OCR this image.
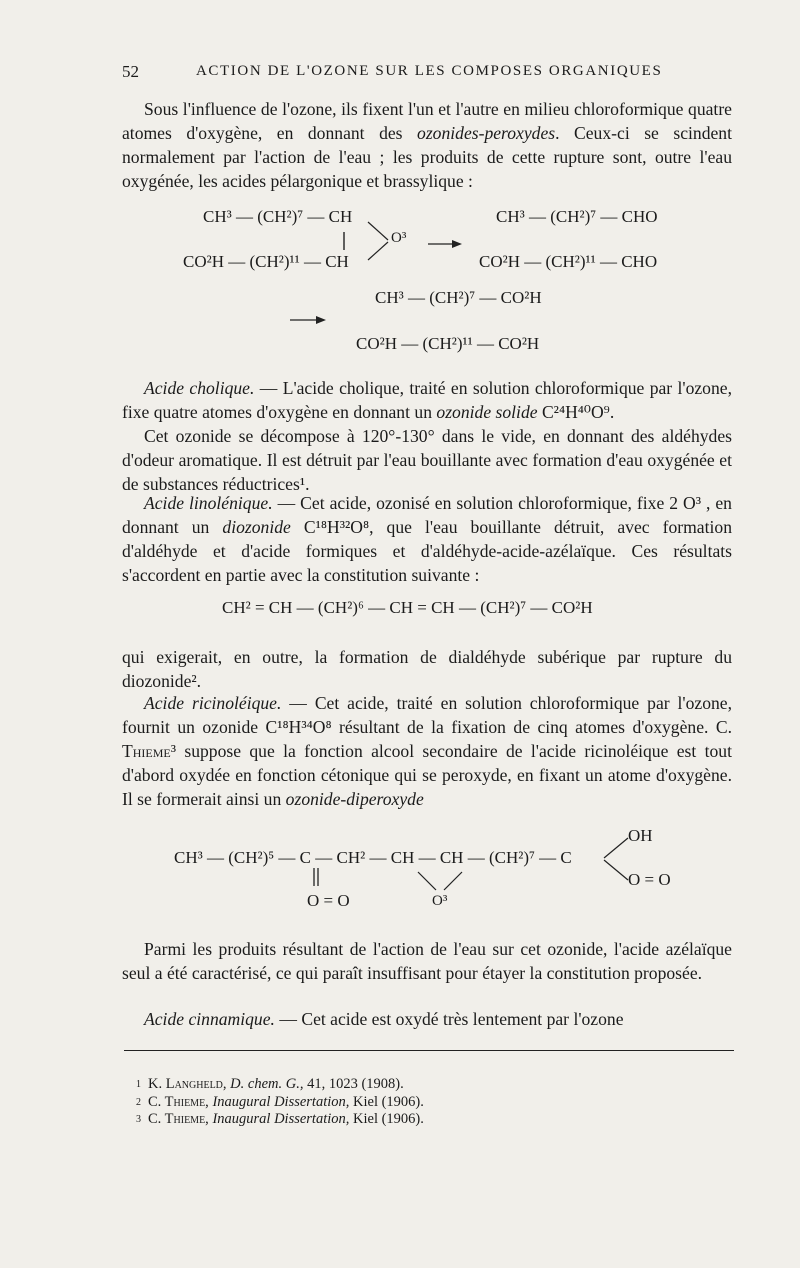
52	ACTION DE L'OZONE SUR LES COMPOSES ORGANIQUES

Sous l'influence de l'ozone, ils fixent l'un et l'autre en milieu chloroformique quatre atomes d'oxygène, en donnant des ozonides-peroxydes. Ceux-ci se scindent normalement par l'action de l'eau ; les produits de cette rupture sont, outre l'eau oxygénée, les acides pélargonique et brassylique :

CH³ — (CH²)⁷ — CH
CO²H — (CH²)¹¹ — CH
O³
CH³ — (CH²)⁷ — CHO
CO²H — (CH²)¹¹ — CHO
CH³ — (CH²)⁷ — CO²H
CO²H — (CH²)¹¹ — CO²H

Acide cholique. — L'acide cholique, traité en solution chloroformique par l'ozone, fixe quatre atomes d'oxygène en donnant un ozonide solide C²⁴H⁴⁰O⁹.

Cet ozonide se décompose à 120°-130° dans le vide, en donnant des aldéhydes d'odeur aromatique. Il est détruit par l'eau bouillante avec formation d'eau oxygénée et de substances réductrices¹.

Acide linolénique. — Cet acide, ozonisé en solution chloroformique, fixe 2 O³ , en donnant un diozonide C¹⁸H³²O⁸, que l'eau bouillante détruit, avec formation d'aldéhyde et d'acide formiques et d'aldéhyde-acide-azélaïque. Ces résultats s'accordent en partie avec la constitution suivante :

CH² = CH — (CH²)⁶ — CH = CH — (CH²)⁷ — CO²H

qui exigerait, en outre, la formation de dialdéhyde subérique par rupture du diozonide².

Acide ricinoléique. — Cet acide, traité en solution chloroformique par l'ozone, fournit un ozonide C¹⁸H³⁴O⁸ résultant de la fixation de cinq atomes d'oxygène. C. Thieme³ suppose que la fonction alcool secondaire de l'acide ricinoléique est tout d'abord oxydée en fonction cétonique qui se peroxyde, en fixant un atome d'oxygène. Il se formerait ainsi un ozonide-diperoxyde

CH³ — (CH²)⁵ — C — CH² — CH — CH — (CH²)⁷ — C
OH
O = O
O = O	O³

Parmi les produits résultant de l'action de l'eau sur cet ozonide, l'acide azélaïque seul a été caractérisé, ce qui paraît insuffisant pour étayer la constitution proposée.

Acide cinnamique. — Cet acide est oxydé très lentement par l'ozone

1 K. Langheld, D. chem. G., 41, 1023 (1908).
2 C. Thieme, Inaugural Dissertation, Kiel (1906).
3 C. Thieme, Inaugural Dissertation, Kiel (1906).
